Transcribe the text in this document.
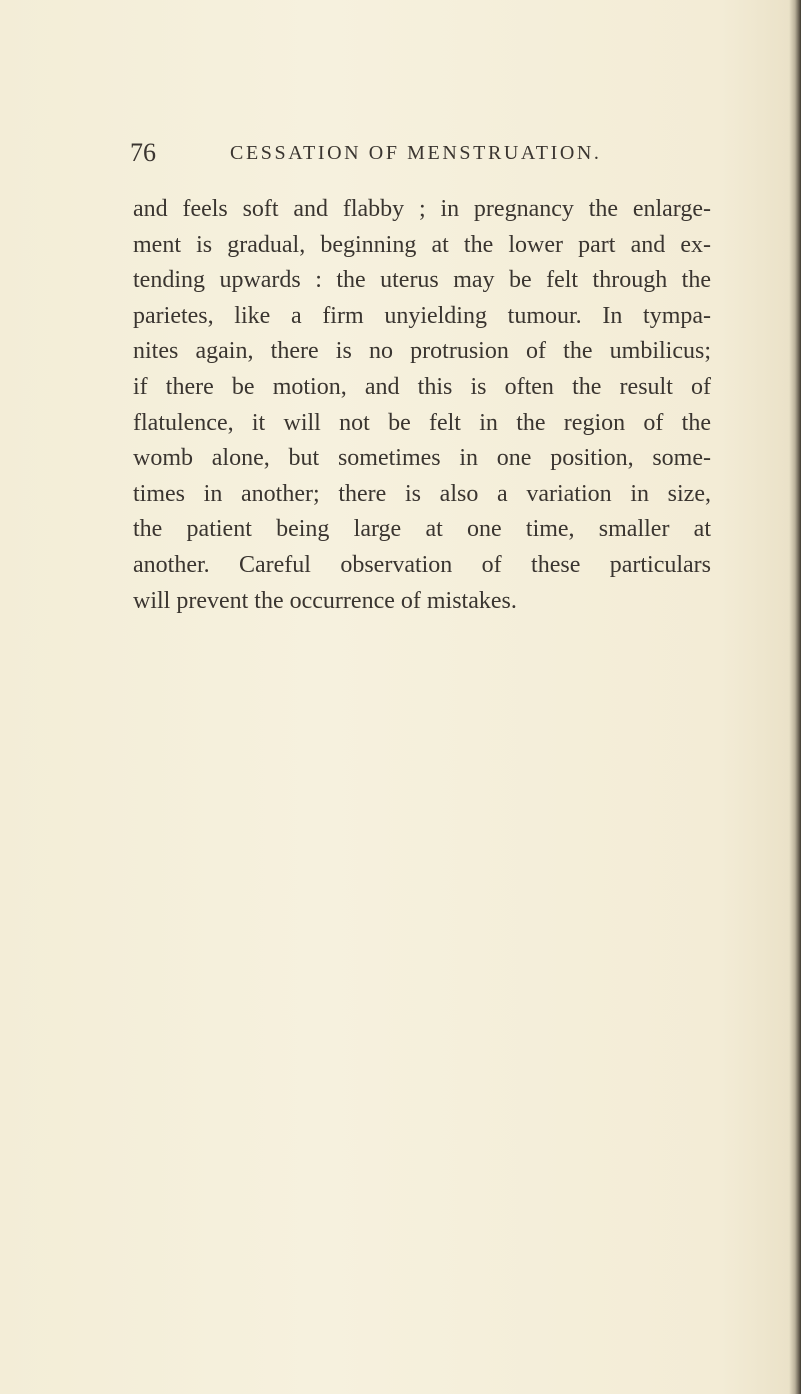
76	CESSATION OF MENSTRUATION.
and feels soft and flabby ; in pregnancy the enlarge-
ment is gradual, beginning at the lower part and ex-
tending upwards : the uterus may be felt through the
parietes, like a firm unyielding tumour. In tympa-
nites again, there is no protrusion of the umbilicus;
if there be motion, and this is often the result of
flatulence, it will not be felt in the region of the
womb alone, but sometimes in one position, some-
times in another; there is also a variation in size,
the patient being large at one time, smaller at
another. Careful observation of these particulars
will prevent the occurrence of mistakes.
